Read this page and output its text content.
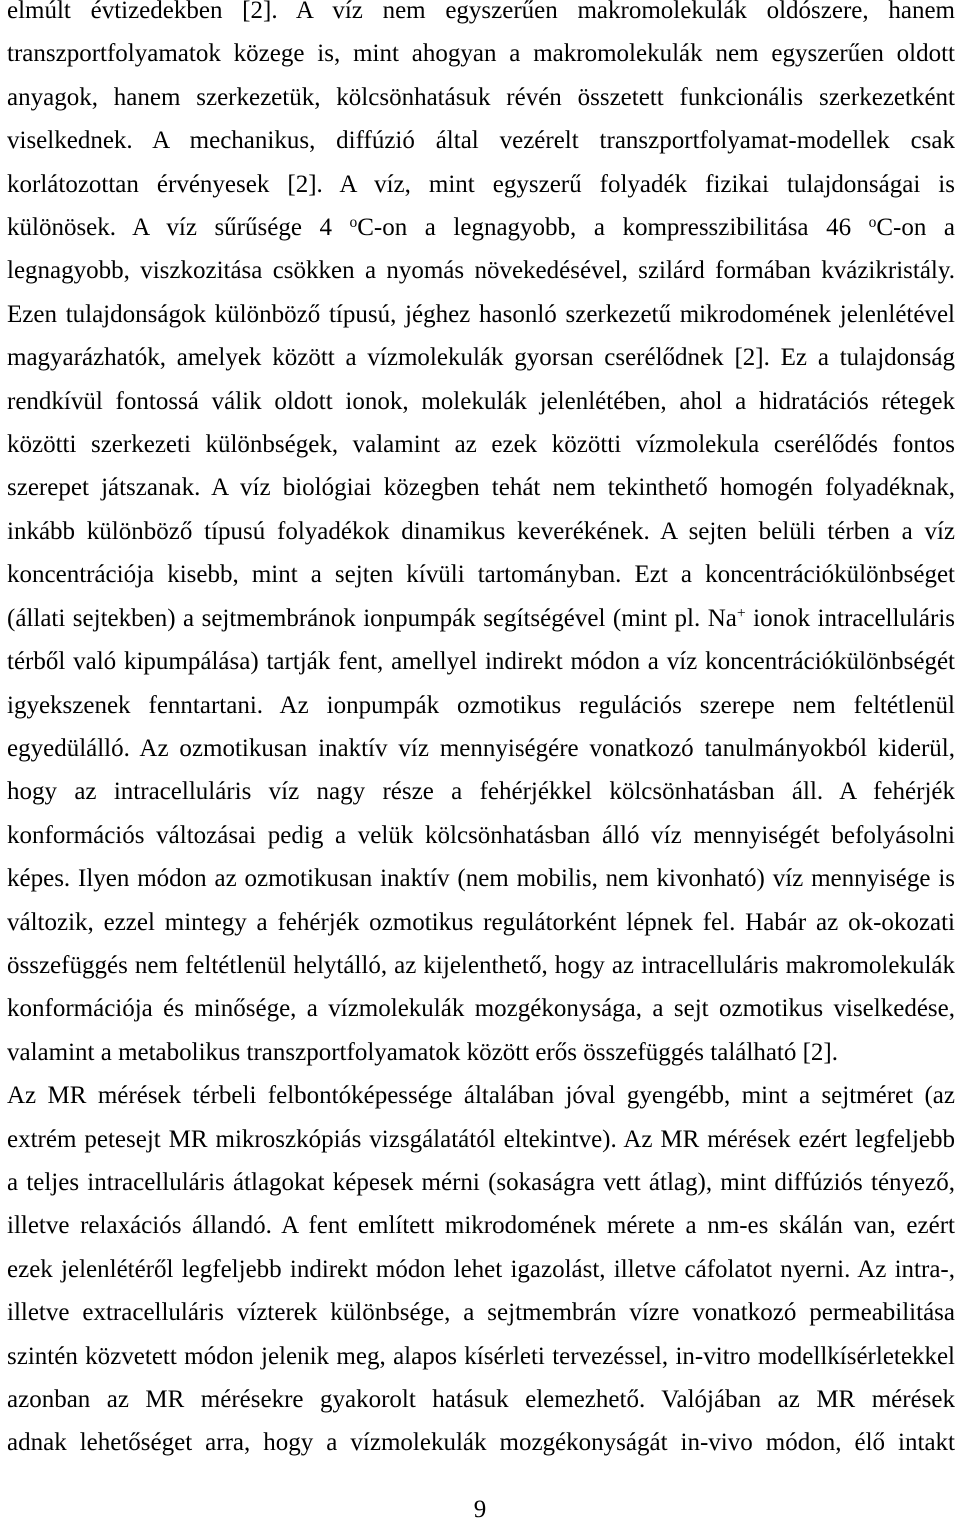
elmúlt évtizedekben [2]. A víz nem egyszerűen makromolekulák oldószere, hanem
transzportfolyamatok közege is, mint ahogyan a makromolekulák nem egyszerűen oldott
anyagok, hanem szerkezetük, kölcsönhatásuk révén összetett funkcionális szerkezetként
viselkednek. A mechanikus, diffúzió által vezérelt transzportfolyamat-modellek csak
korlátozottan érvényesek [2]. A víz, mint egyszerű folyadék fizikai tulajdonságai is
különösek. A víz sűrűsége 4 $^o$C-on a legnagyobb, a kompresszibilitása 46 $^o$C-on a
legnagyobb, viszkozitása csökken a nyomás növekedésével, szilárd formában kvázikristály.
Ezen tulajdonságok különböző típusú, jéghez hasonló szerkezetű mikrodomének jelenlétével
magyarázhatók, amelyek között a vízmolekulák gyorsan cserélődnek [2]. Ez a tulajdonság
rendkívül fontossá válik oldott ionok, molekulák jelenlétében, ahol a hidratációs rétegek
közötti szerkezeti különbségek, valamint az ezek közötti vízmolekula cserélődés fontos
szerepet játszanak. A víz biológiai közegben tehát nem tekinthető homogén folyadéknak,
inkább különböző típusú folyadékok dinamikus keverékének. A sejten belüli térben a víz
koncentrációja kisebb, mint a sejten kívüli tartományban. Ezt a koncentrációkülönbséget
(állati sejtekben) a sejtmembránok ionpumpák segítségével (mint pl. Na+ ionok intracelluláris
térből való kipumpálása) tartják fent, amellyel indirekt módon a víz koncentrációkülönbségét
igyekszenek fenntartani. Az ionpumpák ozmotikus regulációs szerepe nem feltétlenül
egyedülálló. Az ozmotikusan inaktív víz mennyiségére vonatkozó tanulmányokból kiderül,
hogy az intracelluláris víz nagy része a fehérjékkel kölcsönhatásban áll. A fehérjék
konformációs változásai pedig a velük kölcsönhatásban álló víz mennyiségét befolyásolni
képes. Ilyen módon az ozmotikusan inaktív (nem mobilis, nem kivonható) víz mennyisége is
változik, ezzel mintegy a fehérjék ozmotikus regulátorként lépnek fel. Habár az ok-okozati
összefüggés nem feltétlenül helytálló, az kijelenthető, hogy az intracelluláris makromolekulák
konformációja és minősége, a vízmolekulák mozgékonysága, a sejt ozmotikus viselkedése,
valamint a metabolikus transzportfolyamatok között erős összefüggés található [2].
Az MR mérések térbeli felbontóképessége általában jóval gyengébb, mint a sejtméret (az
extrém petesejt MR mikroszkópiás vizsgálatától eltekintve). Az MR mérések ezért legfeljebb
a teljes intracelluláris átlagokat képesek mérni (sokaságra vett átlag), mint diffúziós tényező,
illetve relaxációs állandó. A fent említett mikrodomének mérete a nm-es skálán van, ezért
ezek jelenlétéről legfeljebb indirekt módon lehet igazolást, illetve cáfolatot nyerni. Az intra-,
illetve extracelluláris vízterek különbsége, a sejtmembrán vízre vonatkozó permeabilitása
szintén közvetett módon jelenik meg, alapos kísérleti tervezéssel, in-vitro modellkísérletekkel
azonban az MR mérésekre gyakorolt hatásuk elemezhető. Valójában az MR mérések
adnak lehetőséget arra, hogy a vízmolekulák mozgékonyságát in-vivo módon, élő intakt
9
